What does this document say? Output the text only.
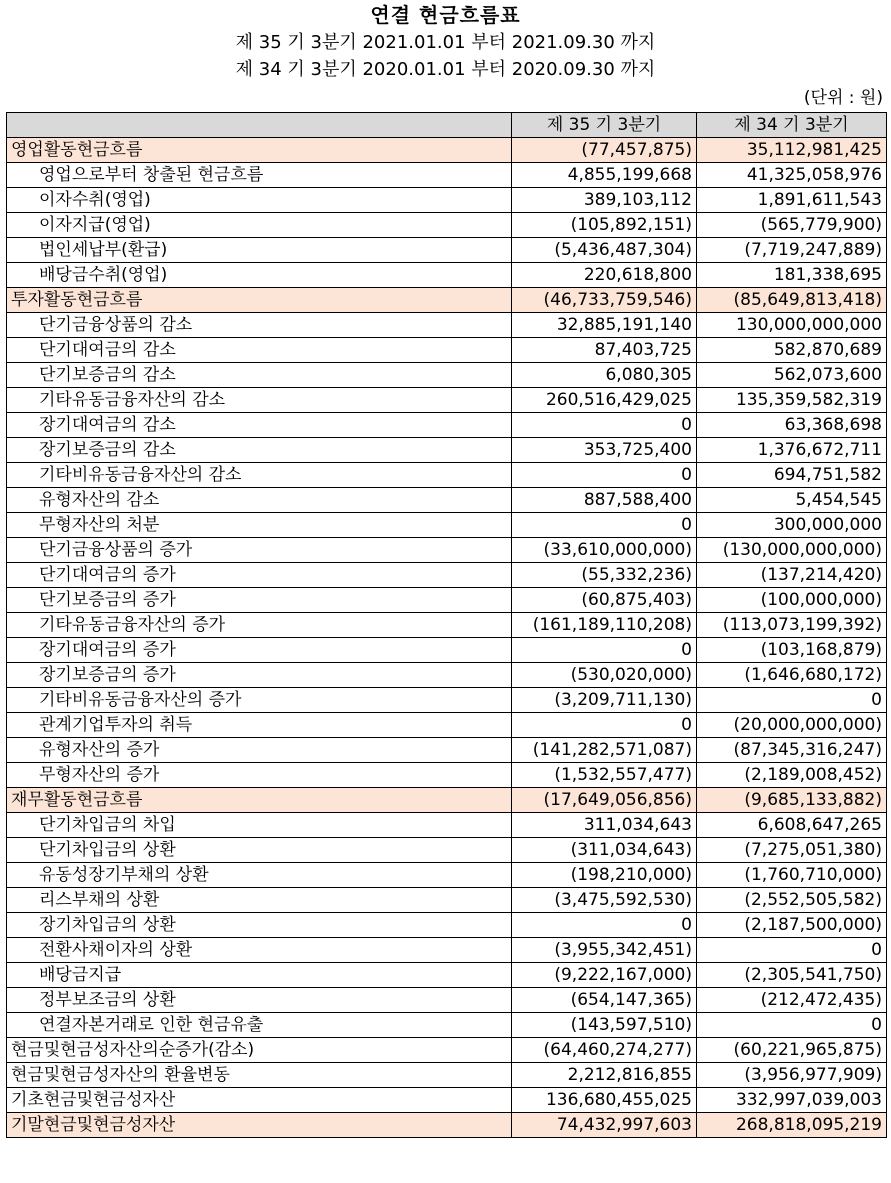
연결 현금흐름표
제 35 기 3분기 2021.01.01 부터 2021.09.30 까지
제 34 기 3분기 2020.01.01 부터 2020.09.30 까지
(단위 : 원)
	제 35 기 3분기	제 34 기 3분기
영업활동현금흐름	(77,457,875)	35,112,981,425
영업으로부터 창출된 현금흐름	4,855,199,668	41,325,058,976
이자수취(영업)	389,103,112	1,891,611,543
이자지급(영업)	(105,892,151)	(565,779,900)
법인세납부(환급)	(5,436,487,304)	(7,719,247,889)
배당금수취(영업)	220,618,800	181,338,695
투자활동현금흐름	(46,733,759,546)	(85,649,813,418)
단기금융상품의 감소	32,885,191,140	130,000,000,000
단기대여금의 감소	87,403,725	582,870,689
단기보증금의 감소	6,080,305	562,073,600
기타유동금융자산의 감소	260,516,429,025	135,359,582,319
장기대여금의 감소	0	63,368,698
장기보증금의 감소	353,725,400	1,376,672,711
기타비유동금융자산의 감소	0	694,751,582
유형자산의 감소	887,588,400	5,454,545
무형자산의 처분	0	300,000,000
단기금융상품의 증가	(33,610,000,000)	(130,000,000,000)
단기대여금의 증가	(55,332,236)	(137,214,420)
단기보증금의 증가	(60,875,403)	(100,000,000)
기타유동금융자산의 증가	(161,189,110,208)	(113,073,199,392)
장기대여금의 증가	0	(103,168,879)
장기보증금의 증가	(530,020,000)	(1,646,680,172)
기타비유동금융자산의 증가	(3,209,711,130)	0
관계기업투자의 취득	0	(20,000,000,000)
유형자산의 증가	(141,282,571,087)	(87,345,316,247)
무형자산의 증가	(1,532,557,477)	(2,189,008,452)
재무활동현금흐름	(17,649,056,856)	(9,685,133,882)
단기차입금의 차입	311,034,643	6,608,647,265
단기차입금의 상환	(311,034,643)	(7,275,051,380)
유동성장기부채의 상환	(198,210,000)	(1,760,710,000)
리스부채의 상환	(3,475,592,530)	(2,552,505,582)
장기차입금의 상환	0	(2,187,500,000)
전환사채이자의 상환	(3,955,342,451)	0
배당금지급	(9,222,167,000)	(2,305,541,750)
정부보조금의 상환	(654,147,365)	(212,472,435)
연결자본거래로 인한 현금유출	(143,597,510)	0
현금및현금성자산의순증가(감소)	(64,460,274,277)	(60,221,965,875)
현금및현금성자산의 환율변동	2,212,816,855	(3,956,977,909)
기초현금및현금성자산	136,680,455,025	332,997,039,003
기말현금및현금성자산	74,432,997,603	268,818,095,219
